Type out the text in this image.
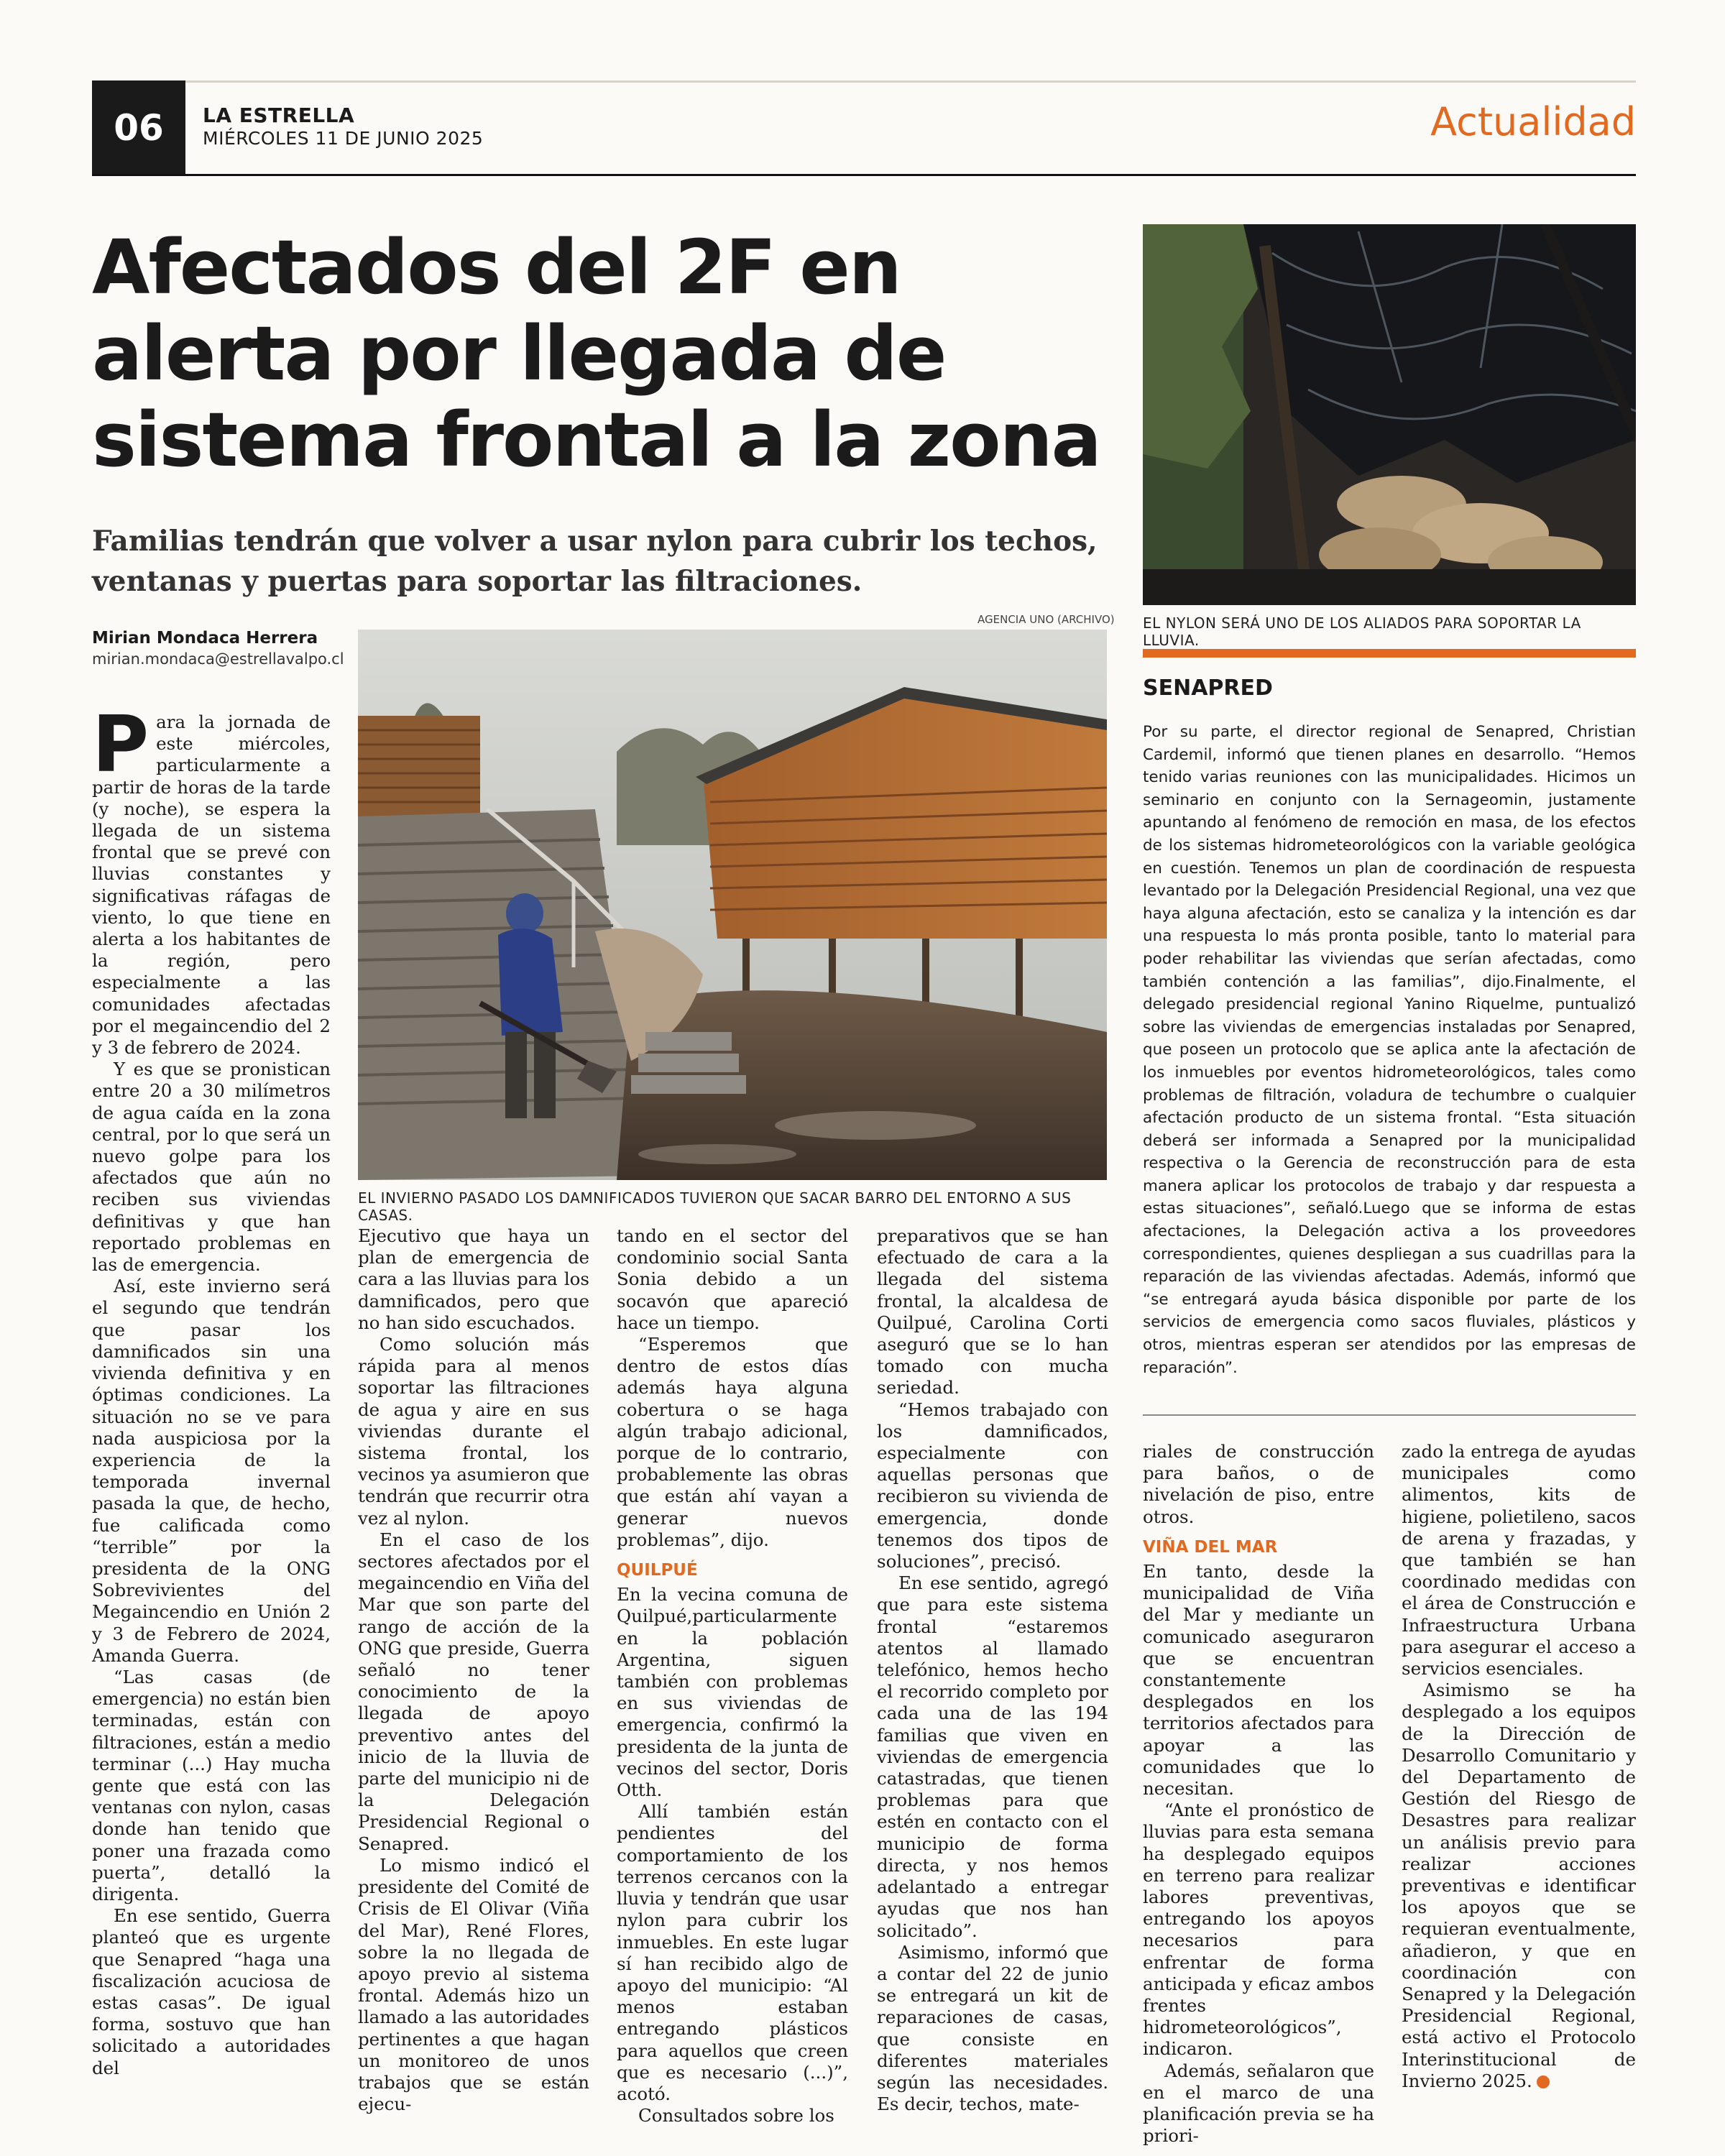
06	LA ESTRELLA
MIÉRCOLES 11 DE JUNIO 2025	Actualidad
Afectados del 2F en
alerta por llegada de
sistema frontal a la zona

Familias tendrán que volver a usar nylon para cubrir los techos,
ventanas y puertas para soportar las filtraciones.

AGENCIA UNO (ARCHIVO)
Mirian Mondaca Herrera
mirian.mondaca@estrellavalpo.cl
EL INVIERNO PASADO LOS DAMNIFICADOS TUVIERON QUE SACAR BARRO DEL ENTORNO A SUS CASAS.
EL NYLON SERÁ UNO DE LOS ALIADOS PARA SOPORTAR LA LLUVIA.
SENAPRED

Por su parte, el director regional de Senapred, Christian Cardemil, informó que tienen planes en desarrollo. “Hemos tenido varias reuniones con las municipalidades. Hicimos un seminario en conjunto con la Sernageomin, justamente apuntando al fenómeno de remoción en masa, de los efectos de los sistemas hidrometeorológicos con la variable geológica en cuestión. Tenemos un plan de coordinación de respuesta levantado por la Delegación Presidencial Regional, una vez que haya alguna afectación, esto se canaliza y la intención es dar una respuesta lo más pronta posible, tanto lo material para poder rehabilitar las viviendas que serían afectadas, como también contención a las familias”, dijo.Finalmente, el delegado presidencial regional Yanino Riquelme, puntualizó sobre las viviendas de emergencias instaladas por Senapred, que poseen un protocolo que se aplica ante la afectación de los inmuebles por eventos hidrometeorológicos, tales como problemas de filtración, voladura de techumbre o cualquier afectación producto de un sistema frontal. “Esta situación deberá ser informada a Senapred por la municipalidad respectiva o la Gerencia de reconstrucción para de esta manera aplicar los protocolos de trabajo y dar respuesta a estas situaciones”, señaló.Luego que se informa de estas afectaciones, la Delegación activa a los proveedores correspondientes, quienes despliegan a sus cuadrillas para la reparación de las viviendas afectadas. Además, informó que “se entregará ayuda básica disponible por parte de los servicios de emergencia como sacos fluviales, plásticos y otros, mientras esperan ser atendidos por las empresas de reparación”.

Para la jornada de este miércoles, particularmente a partir de horas de la tarde (y noche), se espera la llegada de un sistema frontal que se prevé con lluvias constantes y significativas ráfagas de viento, lo que tiene en alerta a los habitantes de la región, pero especialmente a las comunidades afectadas por el megaincendio del 2 y 3 de febrero de 2024.

Y es que se pronistican entre 20 a 30 milímetros de agua caída en la zona central, por lo que será un nuevo golpe para los afectados que aún no reciben sus viviendas definitivas y que han reportado problemas en las de emergencia.

Así, este invierno será el segundo que tendrán que pasar los damnificados sin una vivienda definitiva y en óptimas condiciones. La situación no se ve para nada auspiciosa por la experiencia de la temporada invernal pasada la que, de hecho, fue calificada como “terrible” por la presidenta de la ONG Sobrevivientes del Megaincendio en Unión 2 y 3 de Febrero de 2024, Amanda Guerra.

“Las casas (de emergencia) no están bien terminadas, están con filtraciones, están a medio terminar (...) Hay mucha gente que está con las ventanas con nylon, casas donde han tenido que poner una frazada como puerta”, detalló la dirigenta.

En ese sentido, Guerra planteó que es urgente que Senapred “haga una fiscalización acuciosa de estas casas”. De igual forma, sostuvo que han solicitado a autoridades del

Ejecutivo que haya un plan de emergencia de cara a las lluvias para los damnificados, pero que no han sido escuchados.

Como solución más rápida para al menos soportar las filtraciones de agua y aire en sus viviendas durante el sistema frontal, los vecinos ya asumieron que tendrán que recurrir otra vez al nylon.

En el caso de los sectores afectados por el megaincendio en Viña del Mar que son parte del rango de acción de la ONG que preside, Guerra señaló no tener conocimiento de la llegada de apoyo preventivo antes del inicio de la lluvia de parte del municipio ni de la Delegación Presidencial Regional o Senapred.

Lo mismo indicó el presidente del Comité de Crisis de El Olivar (Viña del Mar), René Flores, sobre la no llegada de apoyo previo al sistema frontal. Además hizo un llamado a las autoridades pertinentes a que hagan un monitoreo de unos trabajos que se están ejecu-

tando en el sector del condominio social Santa Sonia debido a un socavón que apareció hace un tiempo.

“Esperemos que dentro de estos días además haya alguna cobertura o se haga algún trabajo adicional, porque de lo contrario, probablemente las obras que están ahí vayan a generar nuevos problemas”, dijo.

QUILPUÉ

En la vecina comuna de Quilpué,particularmente en la población Argentina, siguen también con problemas en sus viviendas de emergencia, confirmó la presidenta de la junta de vecinos del sector, Doris Otth.

Allí también están pendientes del comportamiento de los terrenos cercanos con la lluvia y tendrán que usar nylon para cubrir los inmuebles. En este lugar sí han recibido algo de apoyo del municipio: “Al menos estaban entregando plásticos para aquellos que creen que es necesario (...)”, acotó.

Consultados sobre los

preparativos que se han efectuado de cara a la llegada del sistema frontal, la alcaldesa de Quilpué, Carolina Corti aseguró que se lo han tomado con mucha seriedad.

“Hemos trabajado con los damnificados, especialmente con aquellas personas que recibieron su vivienda de emergencia, donde tenemos dos tipos de soluciones”, precisó.

En ese sentido, agregó que para este sistema frontal “estaremos atentos al llamado telefónico, hemos hecho el recorrido completo por cada una de las 194 familias que viven en viviendas de emergencia catastradas, que tienen problemas para que estén en contacto con el municipio de forma directa, y nos hemos adelantado a entregar ayudas que nos han solicitado”.

Asimismo, informó que a contar del 22 de junio se entregará un kit de reparaciones de casas, que consiste en diferentes materiales según las necesidades. Es decir, techos, mate-

riales de construcción para baños, o de nivelación de piso, entre otros.

VIÑA DEL MAR

En tanto, desde la municipalidad de Viña del Mar y mediante un comunicado aseguraron que se encuentran constantemente desplegados en los territorios afectados para apoyar a las comunidades que lo necesitan.

“Ante el pronóstico de lluvias para esta semana ha desplegado equipos en terreno para realizar labores preventivas, entregando los apoyos necesarios para enfrentar de forma anticipada y eficaz ambos frentes hidrometeorológicos”, indicaron.

Además, señalaron que en el marco de una planificación previa se ha priori-

zado la entrega de ayudas municipales como alimentos, kits de higiene, polietileno, sacos de arena y frazadas, y que también se han coordinado medidas con el área de Construcción e Infraestructura Urbana para asegurar el acceso a servicios esenciales.

Asimismo se ha desplegado a los equipos de la Dirección de Desarrollo Comunitario y del Departamento de Gestión del Riesgo de Desastres para realizar un análisis previo para realizar acciones preventivas e identificar los apoyos que se requieran eventualmente, añadieron, y que en coordinación con Senapred y la Delegación Presidencial Regional, está activo el Protocolo Interinstitucional de Invierno 2025.
